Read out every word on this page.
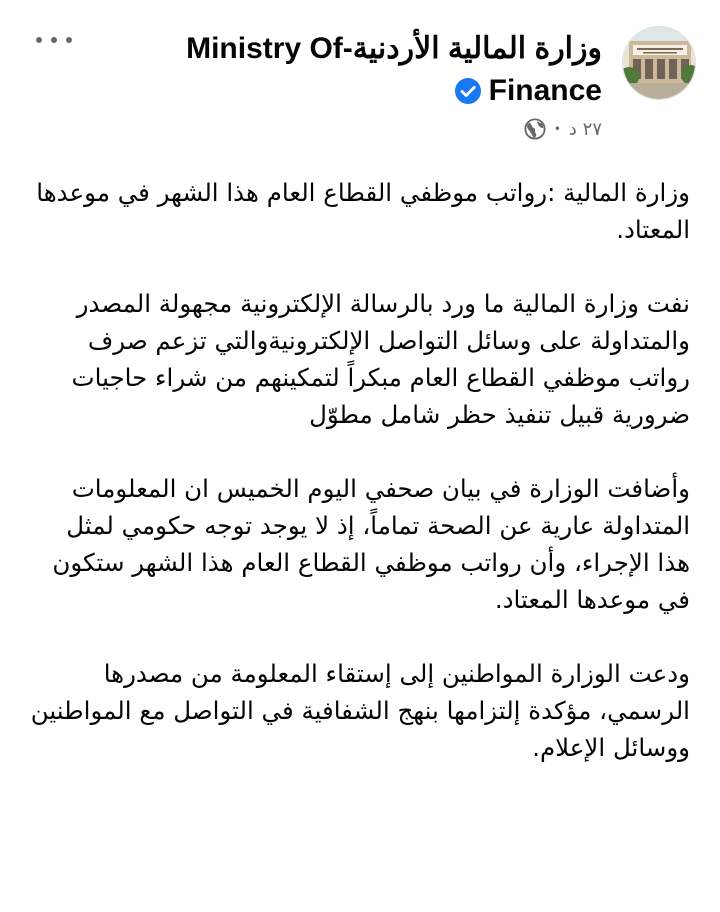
وزارة المالية الأردنية-Ministry Of
Finance
٢٧ د
•

وزارة المالية :رواتب موظفي القطاع العام هذا الشهر في موعدها المعتاد.

نفت وزارة المالية ما ورد بالرسالة الإلكترونية مجهولة المصدر والمتداولة على وسائل التواصل الإلكترونيةوالتي تزعم صرف رواتب موظفي القطاع العام مبكراً لتمكينهم من شراء حاجيات ضرورية قبيل تنفيذ حظر شامل مطوّل

وأضافت الوزارة في بيان صحفي اليوم الخميس ان المعلومات المتداولة عارية عن الصحة تماماً، إذ لا يوجد توجه حكومي لمثل هذا الإجراء، وأن رواتب موظفي القطاع العام هذا الشهر ستكون في موعدها المعتاد.

ودعت الوزارة المواطنين إلى إستقاء المعلومة من مصدرها الرسمي، مؤكدة إلتزامها بنهج الشفافية في التواصل مع المواطنين ووسائل الإعلام.
